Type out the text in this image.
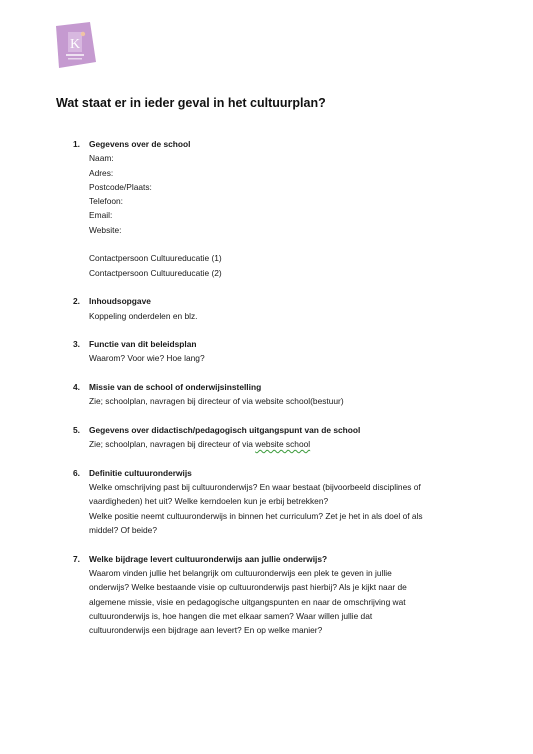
K
Wat staat er in ieder geval in het cultuurplan?
1. Gegevens over de school
Naam:
Adres:
Postcode/Plaats:
Telefoon:
Email:
Website:
Contactpersoon Cultuureducatie (1)
Contactpersoon Cultuureducatie (2)
2. Inhoudsopgave
Koppeling onderdelen en blz.
3. Functie van dit beleidsplan
Waarom? Voor wie? Hoe lang?
4. Missie van de school of onderwijsinstelling
Zie; schoolplan, navragen bij directeur of via website school(bestuur)
5. Gegevens over didactisch/pedagogisch uitgangspunt van de school
Zie; schoolplan, navragen bij directeur of via website school
6. Definitie cultuuronderwijs
Welke omschrijving past bij cultuuronderwijs? En waar bestaat (bijvoorbeeld disciplines of
vaardigheden) het uit? Welke kerndoelen kun je erbij betrekken?
Welke positie neemt cultuuronderwijs in binnen het curriculum? Zet je het in als doel of als
middel? Of beide?
7. Welke bijdrage levert cultuuronderwijs aan jullie onderwijs?
Waarom vinden jullie het belangrijk om cultuuronderwijs een plek te geven in jullie
onderwijs? Welke bestaande visie op cultuuronderwijs past hierbij? Als je kijkt naar de
algemene missie, visie en pedagogische uitgangspunten en naar de omschrijving wat
cultuuronderwijs is, hoe hangen die met elkaar samen? Waar willen jullie dat
cultuuronderwijs een bijdrage aan levert? En op welke manier?
